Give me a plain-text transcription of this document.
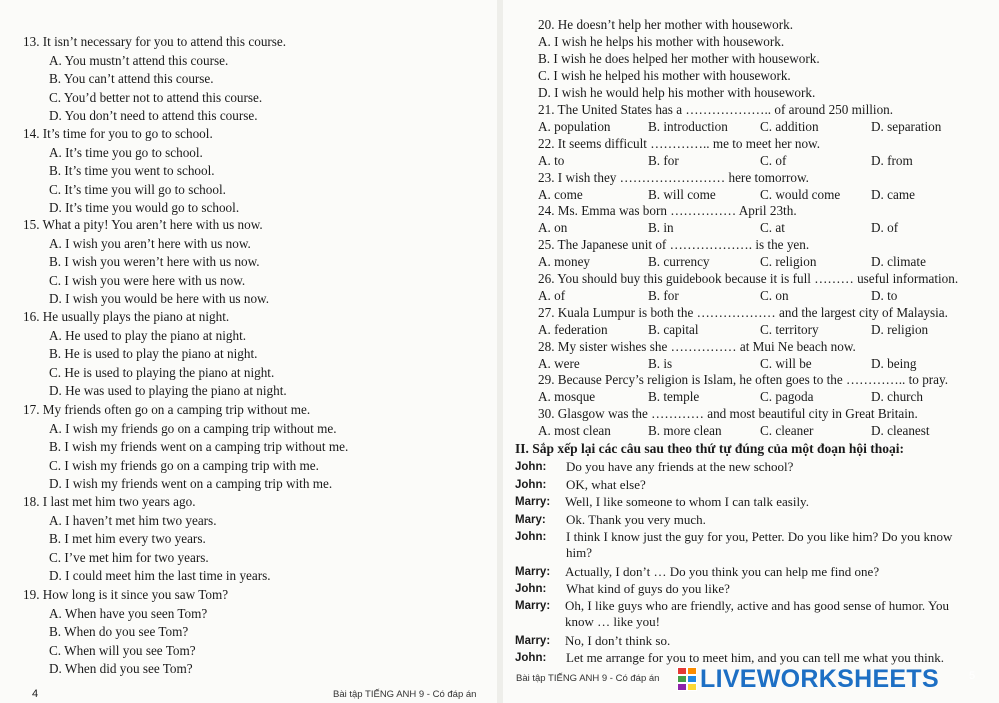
13. It isn’t necessary for you to attend this course.
A. You mustn’t attend this course.
B. You can’t attend this course.
C. You’d better not to attend this course.
D. You don’t need to attend this course.
14. It’s time for you to go to school.
A. It’s time you go to school.
B. It’s time you went to school.
C. It’s time you will go to school.
D. It’s time you would go to school.
15. What a pity! You aren’t here with us now.
A. I wish you aren’t here with us now.
B. I wish you weren’t here with us now.
C. I wish you were here with us now.
D. I wish you would be here with us now.
16. He usually plays the piano at night.
A. He used to play the piano at night.
B. He is used to play the piano at night.
C. He is used to playing the piano at night.
D. He was used to playing the piano at night.
17. My friends often go on a camping trip without me.
A. I wish my friends go on a camping trip without me.
B. I wish my friends went on a camping trip without me.
C. I wish my friends go on a camping trip with me.
D. I wish my friends went on a camping trip with me.
18. I last met him two years ago.
A. I haven’t met him two years.
B. I met him every two years.
C. I’ve met him for two years.
D. I could meet him the last time in years.
19. How long is it since you saw Tom?
A. When have you seen Tom?
B. When do you see Tom?
C. When will you see Tom?
D. When did you see Tom?
20. He doesn’t help her mother with housework.
A. I wish he helps his mother with housework.
B. I wish he does helped her mother with housework.
C. I wish he helped his mother with housework.
D. I wish he would help his mother with housework.
21. The United States has a ……………….. of around 250 million.
A. population	B. introduction C. addition	D. separation
22. It seems difficult ………….. me to meet her now.
A. to	B. for	C. of	D. from
23. I wish they …………………… here tomorrow.
A. come	B. will come	C. would come D. came
24. Ms. Emma was born …………… April 23th.
A. on	B. in	C. at	D. of
25. The Japanese unit of ………………. is the yen.
A. money	B. currency	C. religion	D. climate
26. You should buy this guidebook because it is full ……… useful information.
A. of	B. for	C. on	D. to
27. Kuala Lumpur is both the ……………… and the largest city of Malaysia.
A. federation	B. capital	C. territory	D. religion
28. My sister wishes she …………… at Mui Ne beach now.
A. were	B. is	C. will be	D. being
29. Because Percy’s religion is Islam, he often goes to the ………….. to pray.
A. mosque	B. temple	C. pagoda	D. church
30. Glasgow was the ………… and most beautiful city in Great Britain.
A. most clean	B. more clean	C. cleaner	D. cleanest
II. Sắp xếp lại các câu sau theo thứ tự đúng của một đoạn hội thoại:
John: Do you have any friends at the new school?
John: OK, what else?
Marry: Well, I like someone to whom I can talk easily.
Mary: Ok. Thank you very much.
John: I think I know just the guy for you, Petter. Do you like him? Do you know him?
Marry: Actually, I don’t … Do you think you can help me find one?
John: What kind of guys do you like?
Marry: Oh, I like guys who are friendly, active and has good sense of humor. You know … like you!
Marry: No, I don’t think so.
John: Let me arrange for you to meet him, and you can tell me what you think.
4	Bài tập TIẾNG ANH 9 - Có đáp án
Bài tập TIẾNG ANH 9 - Có đáp án	5
LIVEWORKSHEETS
